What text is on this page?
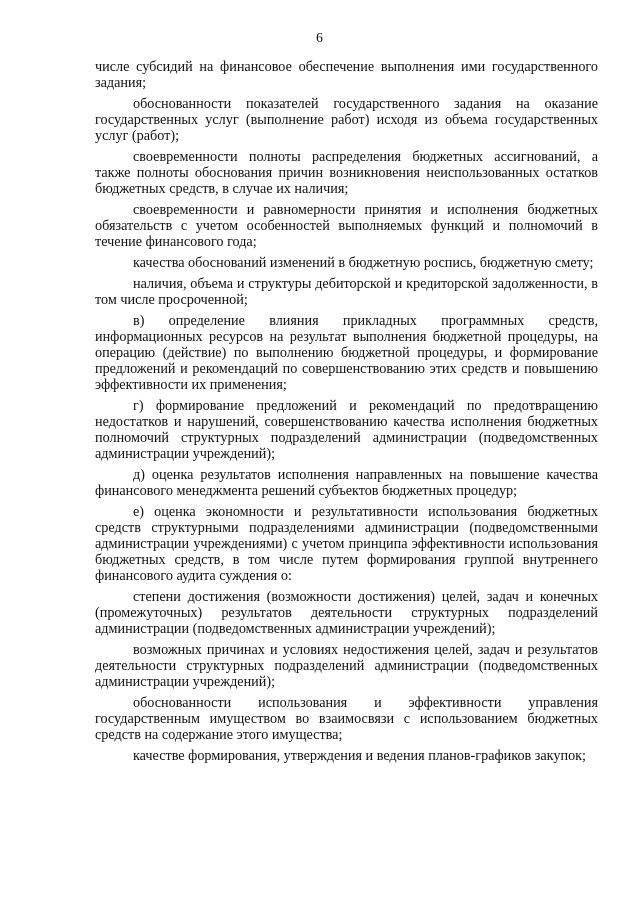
6

числе субсидий на финансовое обеспечение выполнения ими государственного задания;

обоснованности показателей государственного задания на оказание государственных услуг (выполнение работ) исходя из объема государственных услуг (работ);

своевременности полноты распределения бюджетных ассигнований, а также полноты обоснования причин возникновения неиспользованных остатков бюджетных средств, в случае их наличия;

своевременности и равномерности принятия и исполнения бюджетных обязательств с учетом особенностей выполняемых функций и полномочий в течение финансового года;

качества обоснований изменений в бюджетную роспись, бюджетную смету;

наличия, объема и структуры дебиторской и кредиторской задолженности, в том числе просроченной;

в) определение влияния прикладных программных средств, информационных ресурсов на результат выполнения бюджетной процедуры, на операцию (действие) по выполнению бюджетной процедуры, и формирование предложений и рекомендаций по совершенствованию этих средств и повышению эффективности их применения;

г) формирование предложений и рекомендаций по предотвращению недостатков и нарушений, совершенствованию качества исполнения бюджетных полномочий структурных подразделений администрации (подведомственных администрации учреждений);

д) оценка результатов исполнения направленных на повышение качества финансового менеджмента решений субъектов бюджетных процедур;

е) оценка экономности и результативности использования бюджетных средств структурными подразделениями администрации (подведомственными администрации учреждениями) с учетом принципа эффективности использования бюджетных средств, в том числе путем формирования группой внутреннего финансового аудита суждения о:

степени достижения (возможности достижения) целей, задач и конечных (промежуточных) результатов деятельности структурных подразделений администрации (подведомственных администрации учреждений);

возможных причинах и условиях недостижения целей, задач и результатов деятельности структурных подразделений администрации (подведомственных администрации учреждений);

обоснованности использования и эффективности управления государственным имуществом во взаимосвязи с использованием бюджетных средств на содержание этого имущества;

качестве формирования, утверждения и ведения планов-графиков закупок;
